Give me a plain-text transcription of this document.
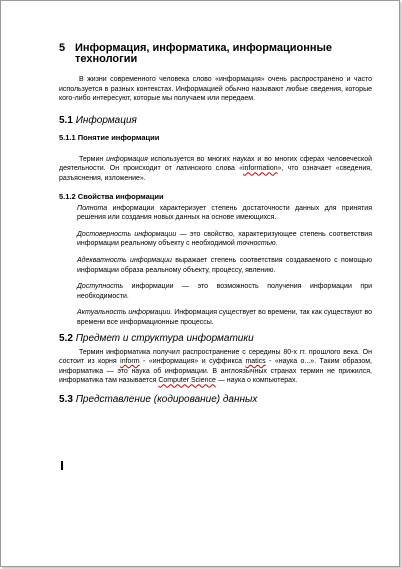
5 Информация, информатика, информационные технологии

В жизни современного человека слово «информация» очень распространено и часто используется в разных контекстах. Информацией обычно называют любые сведения, которые кого-либо интересуют, которые мы получаем или передаем.

5.1 Информация
5.1.1 Понятие информации

Термин информация используется во многих науках и во многих сферах человеческой деятельности. Он происходит от латинского слова «information», что означает «сведения, разъяснения, изложение».

5.1.2 Свойства информации

Полнота информации характеризует степень достаточности данных для принятия решения или создания новых данных на основе имеющихся.

Достоверность информации — это свойство, характеризующее степень соответствия информации реальному объекту с необходимой точностью.

Адекватность информации выражает степень соответствия создаваемого с помощью информации образа реальному объекту, процессу, явлению.

Доступность информации — это возможность получения информации при необходимости.

Актуальность информации. Информация существует во времени, так как существуют во времени все информационные процессы.

5.2 Предмет и структура информатики

Термин информатика получил распространение с середины 80-х гг. прошлого века. Он состоит из корня inform - «информация» и суффикса matics - «наука о...». Таким образом, информатика — это наука об информации. В англоязычных странах термин не прижился, информатика там называется Computer Science — наука о компьютерах.

5.3 Представление (кодирование) данных
